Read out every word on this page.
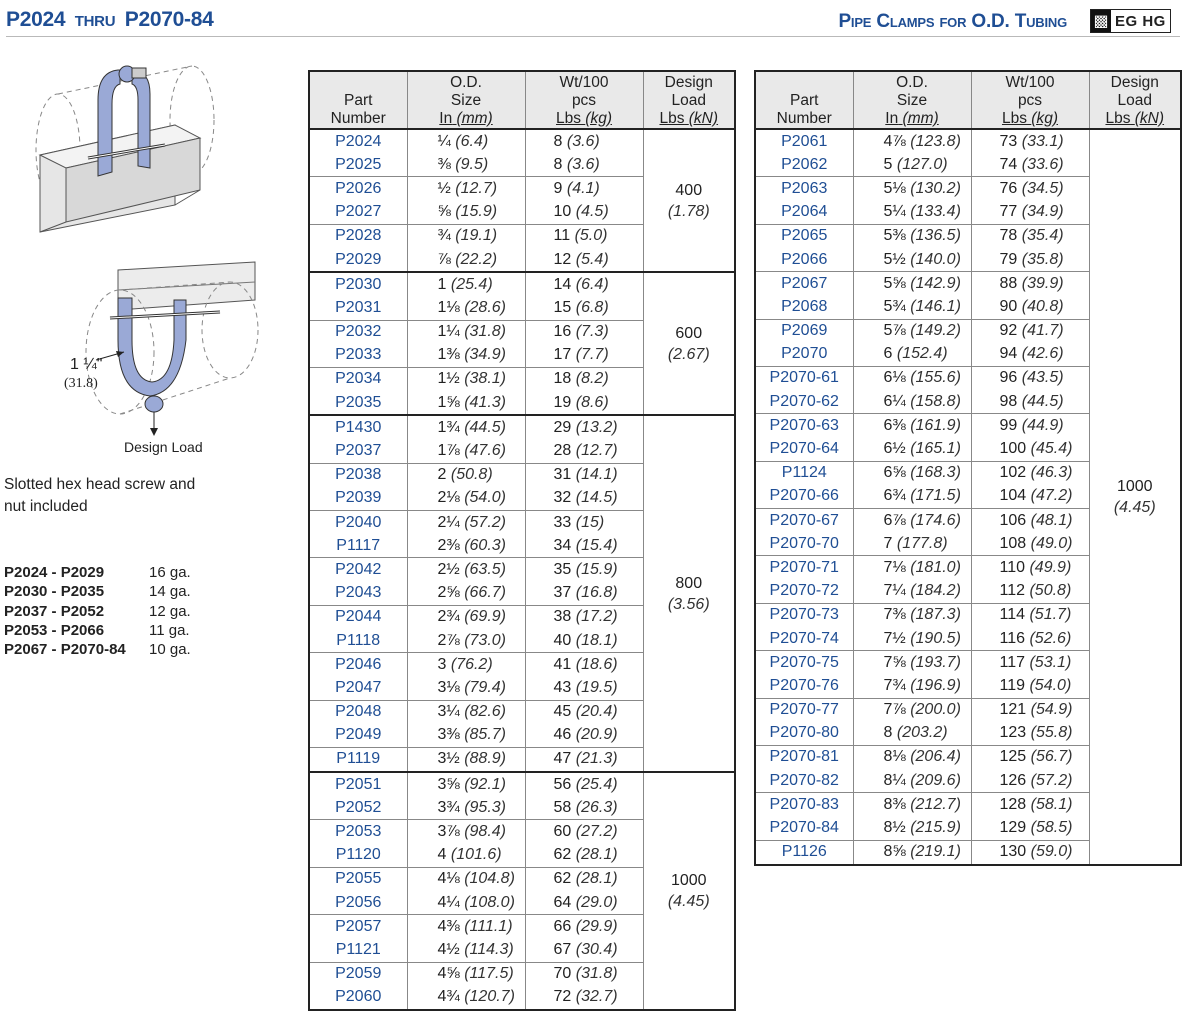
P2024 THRU P2070-84	Pipe Clamps for O.D. Tubing ▩ EG HG
1 ¼"
(31.8)
Design Load
Slotted hex head screw and nut included
P2024 - P2029	16 ga.
P2030 - P2035	14 ga.
P2037 - P2052	12 ga.
P2053 - P2066	11 ga.
P2067 - P2070-84	10 ga.
Part
Number	O.D.
Size
In (mm)	Wt/100
pcs
Lbs (kg)	Design
Load
Lbs (kN)
P2024	¼ (6.4)	8 (3.6)	400
(1.78)

P2025	⅜ (9.5)	8 (3.6)	
P2026	½ (12.7)	9 (4.1)	
P2027	⅝ (15.9)	10 (4.5)	
P2028	¾ (19.1)	11 (5.0)	
P2029	⅞ (22.2)	12 (5.4)	
P2030	1 (25.4)	14 (6.4)	600
(2.67)

P2031	1⅛ (28.6)	15 (6.8)	
P2032	1¼ (31.8)	16 (7.3)	
P2033	1⅜ (34.9)	17 (7.7)	
P2034	1½ (38.1)	18 (8.2)	
P2035	1⅝ (41.3)	19 (8.6)	
P1430	1¾ (44.5)	29 (13.2)	800
(3.56)

P2037	1⅞ (47.6)	28 (12.7)	
P2038	2 (50.8)	31 (14.1)	
P2039	2⅛ (54.0)	32 (14.5)	
P2040	2¼ (57.2)	33 (15)	
P1117	2⅜ (60.3)	34 (15.4)	
P2042	2½ (63.5)	35 (15.9)	
P2043	2⅝ (66.7)	37 (16.8)	
P2044	2¾ (69.9)	38 (17.2)	
P1118	2⅞ (73.0)	40 (18.1)	
P2046	3 (76.2)	41 (18.6)	
P2047	3⅛ (79.4)	43 (19.5)	
P2048	3¼ (82.6)	45 (20.4)	
P2049	3⅜ (85.7)	46 (20.9)	
P1119	3½ (88.9)	47 (21.3)	
P2051	3⅝ (92.1)	56 (25.4)	1000
(4.45)

P2052	3¾ (95.3)	58 (26.3)	
P2053	3⅞ (98.4)	60 (27.2)	
P1120	4 (101.6)	62 (28.1)	
P2055	4⅛ (104.8)	62 (28.1)	
P2056	4¼ (108.0)	64 (29.0)	
P2057	4⅜ (111.1)	66 (29.9)	
P1121	4½ (114.3)	67 (30.4)	
P2059	4⅝ (117.5)	70 (31.8)	
P2060	4¾ (120.7)	72 (32.7)	
Part
Number	O.D.
Size
In (mm)	Wt/100
pcs
Lbs (kg)	Design
Load
Lbs (kN)
P2061	4⅞ (123.8)	73 (33.1)	1000
(4.45)

P2062	5 (127.0)	74 (33.6)	
P2063	5⅛ (130.2)	76 (34.5)	
P2064	5¼ (133.4)	77 (34.9)	
P2065	5⅜ (136.5)	78 (35.4)	
P2066	5½ (140.0)	79 (35.8)	
P2067	5⅝ (142.9)	88 (39.9)	
P2068	5¾ (146.1)	90 (40.8)	
P2069	5⅞ (149.2)	92 (41.7)	
P2070	6 (152.4)	94 (42.6)	
P2070-61	6⅛ (155.6)	96 (43.5)	
P2070-62	6¼ (158.8)	98 (44.5)	
P2070-63	6⅜ (161.9)	99 (44.9)	
P2070-64	6½ (165.1)	100 (45.4)	
P1124	6⅝ (168.3)	102 (46.3)	
P2070-66	6¾ (171.5)	104 (47.2)	
P2070-67	6⅞ (174.6)	106 (48.1)	
P2070-70	7 (177.8)	108 (49.0)	
P2070-71	7⅛ (181.0)	110 (49.9)	
P2070-72	7¼ (184.2)	112 (50.8)	
P2070-73	7⅜ (187.3)	114 (51.7)	
P2070-74	7½ (190.5)	116 (52.6)	
P2070-75	7⅝ (193.7)	117 (53.1)	
P2070-76	7¾ (196.9)	119 (54.0)	
P2070-77	7⅞ (200.0)	121 (54.9)	
P2070-80	8 (203.2)	123 (55.8)	
P2070-81	8⅛ (206.4)	125 (56.7)	
P2070-82	8¼ (209.6)	126 (57.2)	
P2070-83	8⅜ (212.7)	128 (58.1)	
P2070-84	8½ (215.9)	129 (58.5)	
P1126	8⅝ (219.1)	130 (59.0)	
